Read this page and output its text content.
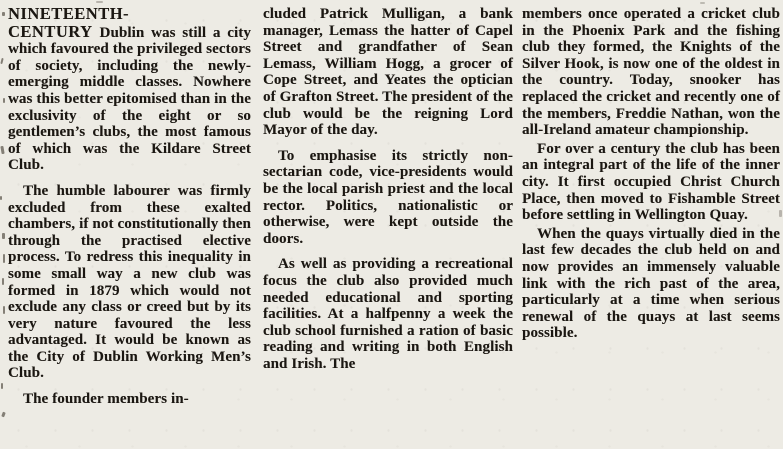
NINETEENTH-CENTURY Dublin was still a city which favoured the privileged sectors of society, including the newly-emerging middle classes. Nowhere was this better epitomised than in the exclusivity of the eight or so gentlemen’s clubs, the most famous of which was the Kildare Street Club.

The humble labourer was firmly excluded from these exalted chambers, if not constitutionally then through the practised elective process. To redress this inequality in some small way a new club was formed in 1879 which would not exclude any class or creed but by its very nature favoured the less advantaged. It would be known as the City of Dublin Working Men’s Club.

The founder members in-

cluded Patrick Mulligan, a bank manager, Lemass the hatter of Capel Street and grandfather of Sean Lemass, William Hogg, a grocer of Cope Street, and Yeates the optician of Grafton Street. The president of the club would be the reigning Lord Mayor of the day.

To emphasise its strictly non-sectarian code, vice-presidents would be the local parish priest and the local rector. Politics, nationalistic or otherwise, were kept outside the doors.

As well as providing a recreational focus the club also provided much needed educational and sporting facilities. At a halfpenny a week the club school furnished a ration of basic reading and writing in both English and Irish. The

members once operated a cricket club in the Phoenix Park and the fishing club they formed, the Knights of the Silver Hook, is now one of the oldest in the country. Today, snooker has replaced the cricket and recently one of the members, Freddie Nathan, won the all-Ireland amateur championship.

For over a century the club has been an integral part of the life of the inner city. It first occupied Christ Church Place, then moved to Fishamble Street before settling in Wellington Quay.

When the quays virtually died in the last few decades the club held on and now provides an immensely valuable link with the rich past of the area, particularly at a time when serious renewal of the quays at last seems possible.
